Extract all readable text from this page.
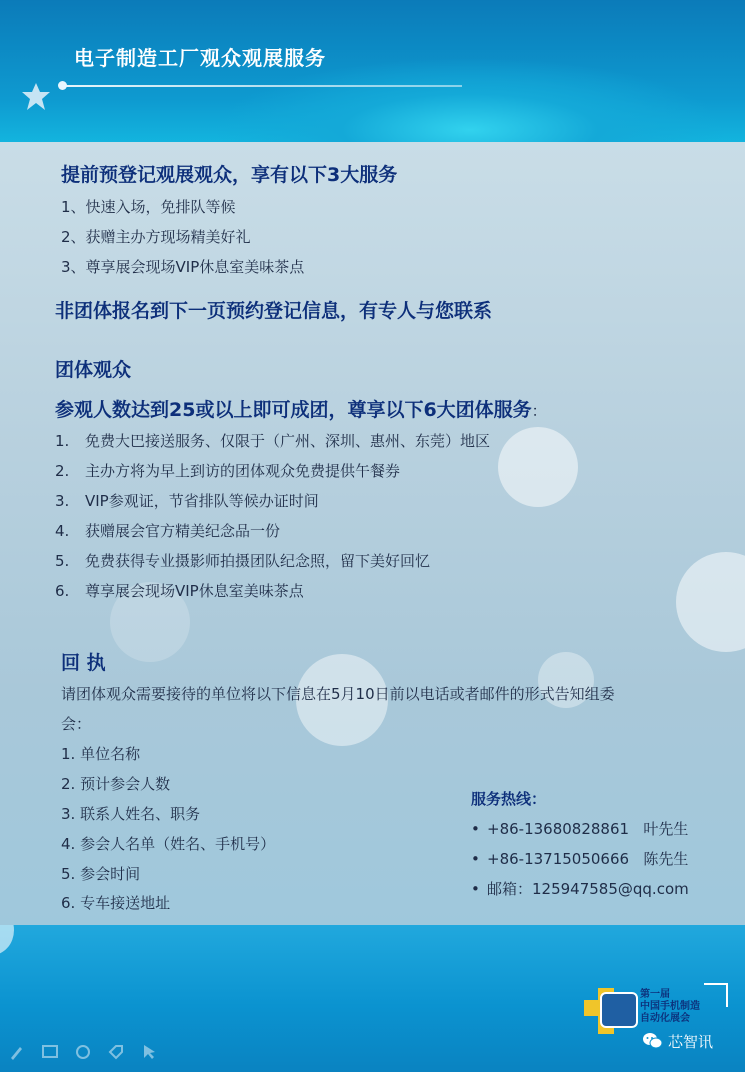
电子制造工厂观众观展服务
提前预登记观展观众，享有以下3大服务
1、快速入场，免排队等候
2、获赠主办方现场精美好礼
3、尊享展会现场VIP休息室美味茶点
非团体报名到下一页预约登记信息，有专人与您联系
团体观众
参观人数达到25或以上即可成团，尊享以下6大团体服务：
1. 免费大巴接送服务、仅限于（广州、深圳、惠州、东莞）地区
2. 主办方将为早上到访的团体观众免费提供午餐券
3. VIP参观证，节省排队等候办证时间
4. 获赠展会官方精美纪念品一份
5. 免费获得专业摄影师拍摄团队纪念照，留下美好回忆
6. 尊享展会现场VIP休息室美味茶点
回 执
请团体观众需要接待的单位将以下信息在5月10日前以电话或者邮件的形式告知组委
会：
1. 单位名称
2. 预计参会人数
3. 联系人姓名、职务
4. 参会人名单（姓名、手机号）
5. 参会时间
6. 专车接送地址
服务热线：
• +86-13680828861   叶先生
• +86-13715050666   陈先生
• 邮箱：125947585@qq.com
第一届
中国手机制造
自动化展会
芯智讯
